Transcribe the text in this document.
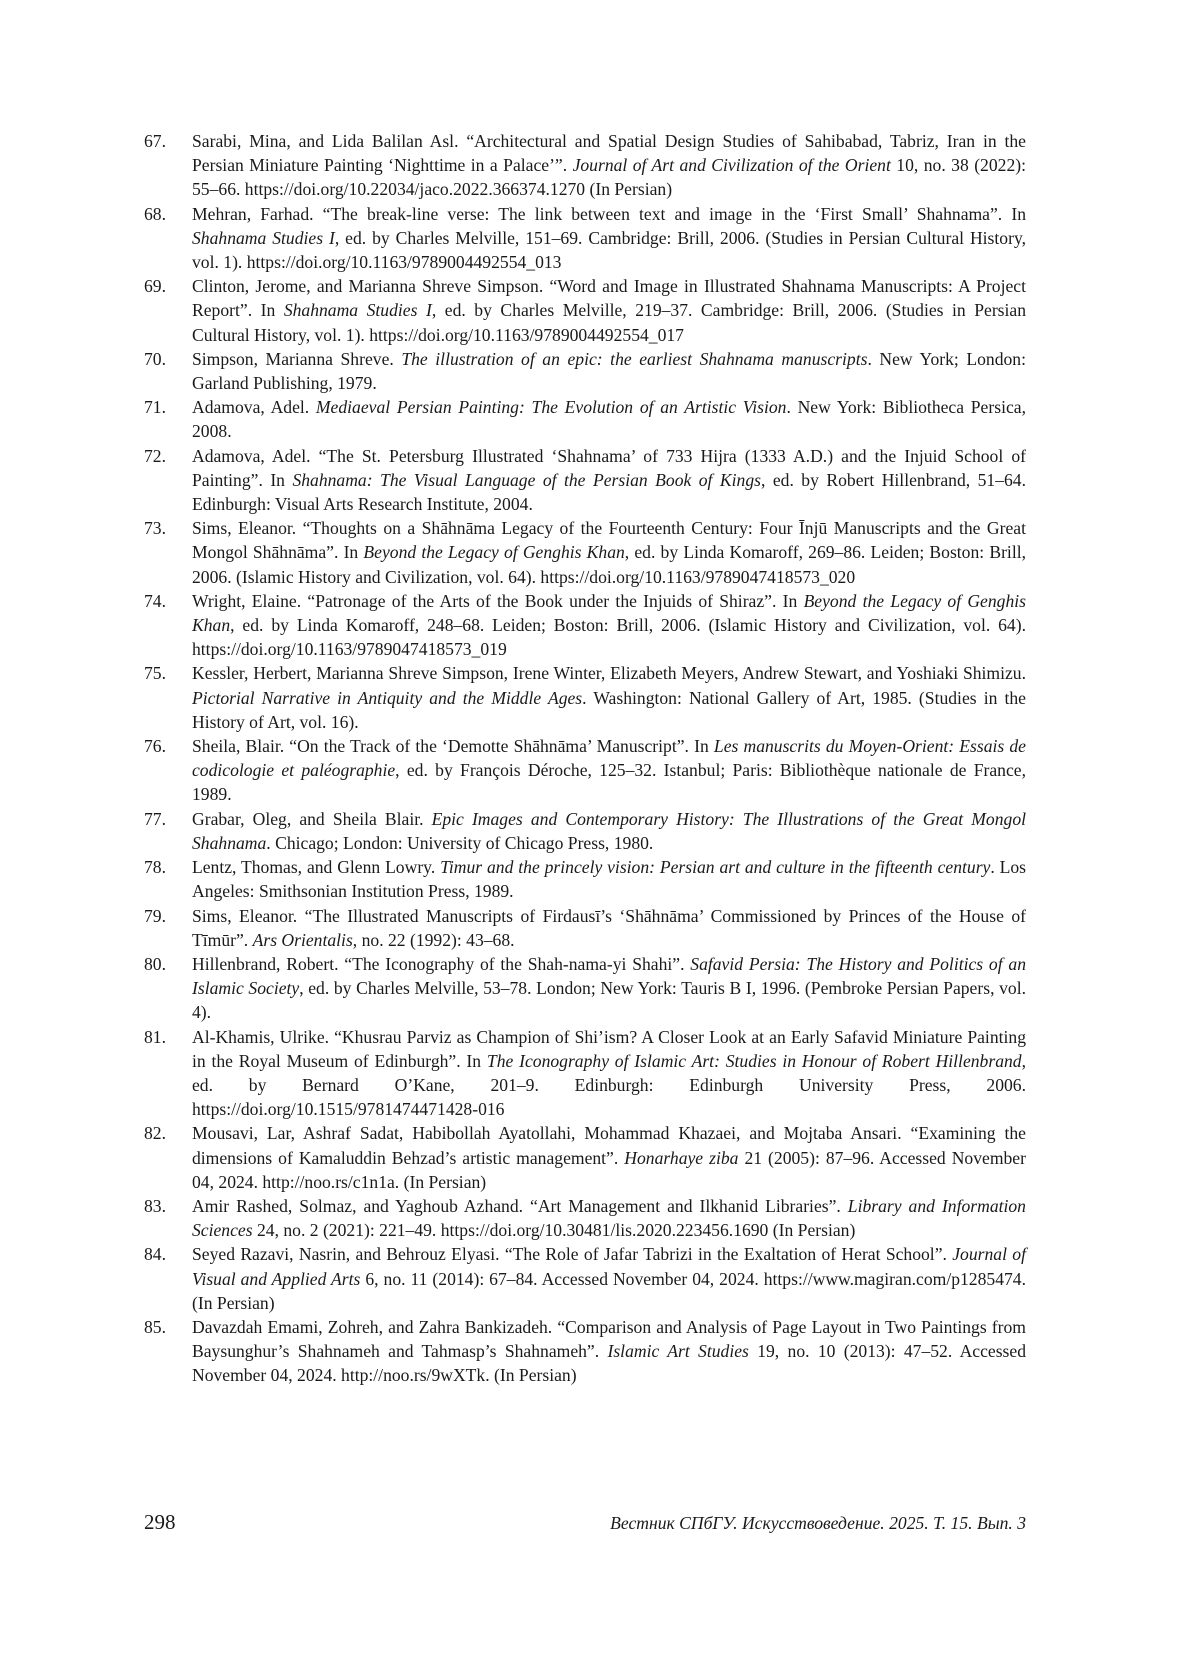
67.	Sarabi, Mina, and Lida Balilan Asl. “Architectural and Spatial Design Studies of Sahibabad, Tabriz, Iran in the Persian Miniature Painting ‘Nighttime in a Palace’”. Journal of Art and Civilization of the Orient 10, no. 38 (2022): 55–66. https://doi.org/10.22034/jaco.2022.366374.1270 (In Persian)
68.	Mehran, Farhad. “The break-line verse: The link between text and image in the ‘First Small’ Shahnama”. In Shahnama Studies I, ed. by Charles Melville, 151–69. Cambridge: Brill, 2006. (Studies in Persian Cultural History, vol. 1). https://doi.org/10.1163/9789004492554_013
69.	Clinton, Jerome, and Marianna Shreve Simpson. “Word and Image in Illustrated Shahnama Manuscripts: A Project Report”. In Shahnama Studies I, ed. by Charles Melville, 219–37. Cambridge: Brill, 2006. (Studies in Persian Cultural History, vol. 1). https://doi.org/10.1163/9789004492554_017
70.	Simpson, Marianna Shreve. The illustration of an epic: the earliest Shahnama manuscripts. New York; London: Garland Publishing, 1979.
71.	Adamova, Adel. Mediaeval Persian Painting: The Evolution of an Artistic Vision. New York: Bibliotheca Persica, 2008.
72.	Adamova, Adel. “The St. Petersburg Illustrated ‘Shahnama’ of 733 Hijra (1333 A.D.) and the Injuid School of Painting”. In Shahnama: The Visual Language of the Persian Book of Kings, ed. by Robert Hillenbrand, 51–64. Edinburgh: Visual Arts Research Institute, 2004.
73.	Sims, Eleanor. “Thoughts on a Shāhnāma Legacy of the Fourteenth Century: Four Īnjū Manuscripts and the Great Mongol Shāhnāma”. In Beyond the Legacy of Genghis Khan, ed. by Linda Komaroff, 269–86. Leiden; Boston: Brill, 2006. (Islamic History and Civilization, vol. 64). https://doi.org/10.1163/9789047418573_020
74.	Wright, Elaine. “Patronage of the Arts of the Book under the Injuids of Shiraz”. In Beyond the Legacy of Genghis Khan, ed. by Linda Komaroff, 248–68. Leiden; Boston: Brill, 2006. (Islamic History and Civilization, vol. 64). https://doi.org/10.1163/9789047418573_019
75.	Kessler, Herbert, Marianna Shreve Simpson, Irene Winter, Elizabeth Meyers, Andrew Stewart, and Yoshiaki Shimizu. Pictorial Narrative in Antiquity and the Middle Ages. Washington: National Gallery of Art, 1985. (Studies in the History of Art, vol. 16).
76.	Sheila, Blair. “On the Track of the ‘Demotte Shāhnāma’ Manuscript”. In Les manuscrits du Moyen-Orient: Essais de codicologie et paléographie, ed. by François Déroche, 125–32. Istanbul; Paris: Bibliothèque nationale de France, 1989.
77.	Grabar, Oleg, and Sheila Blair. Epic Images and Contemporary History: The Illustrations of the Great Mongol Shahnama. Chicago; London: University of Chicago Press, 1980.
78.	Lentz, Thomas, and Glenn Lowry. Timur and the princely vision: Persian art and culture in the fifteenth century. Los Angeles: Smithsonian Institution Press, 1989.
79.	Sims, Eleanor. “The Illustrated Manuscripts of Firdausī’s ‘Shāhnāma’ Commissioned by Princes of the House of Tīmūr”. Ars Orientalis, no. 22 (1992): 43–68.
80.	Hillenbrand, Robert. “The Iconography of the Shah-nama-yi Shahi”. Safavid Persia: The History and Politics of an Islamic Society, ed. by Charles Melville, 53–78. London; New York: Tauris B I, 1996. (Pembroke Persian Papers, vol. 4).
81.	Al-Khamis, Ulrike. “Khusrau Parviz as Champion of Shi’ism? A Closer Look at an Early Safavid Miniature Painting in the Royal Museum of Edinburgh”. In The Iconography of Islamic Art: Studies in Honour of Robert Hillenbrand, ed. by Bernard O’Kane, 201–9. Edinburgh: Edinburgh University Press, 2006. https://doi.org/10.1515/9781474471428-016
82.	Mousavi, Lar, Ashraf Sadat, Habibollah Ayatollahi, Mohammad Khazaei, and Mojtaba Ansari. “Examining the dimensions of Kamaluddin Behzad’s artistic management”. Honarhaye ziba 21 (2005): 87–96. Accessed November 04, 2024. http://noo.rs/c1n1a. (In Persian)
83.	Amir Rashed, Solmaz, and Yaghoub Azhand. “Art Management and Ilkhanid Libraries”. Library and Information Sciences 24, no. 2 (2021): 221–49. https://doi.org/10.30481/lis.2020.223456.1690 (In Persian)
84.	Seyed Razavi, Nasrin, and Behrouz Elyasi. “The Role of Jafar Tabrizi in the Exaltation of Herat School”. Journal of Visual and Applied Arts 6, no. 11 (2014): 67–84. Accessed November 04, 2024. https://www.magiran.com/p1285474. (In Persian)
85.	Davazdah Emami, Zohreh, and Zahra Bankizadeh. “Comparison and Analysis of Page Layout in Two Paintings from Baysunghur’s Shahnameh and Tahmasp’s Shahnameh”. Islamic Art Studies 19, no. 10 (2013): 47–52. Accessed November 04, 2024. http://noo.rs/9wXTk. (In Persian)
298	Вестник СПбГУ. Искусствоведение. 2025. Т. 15. Вып. 3
